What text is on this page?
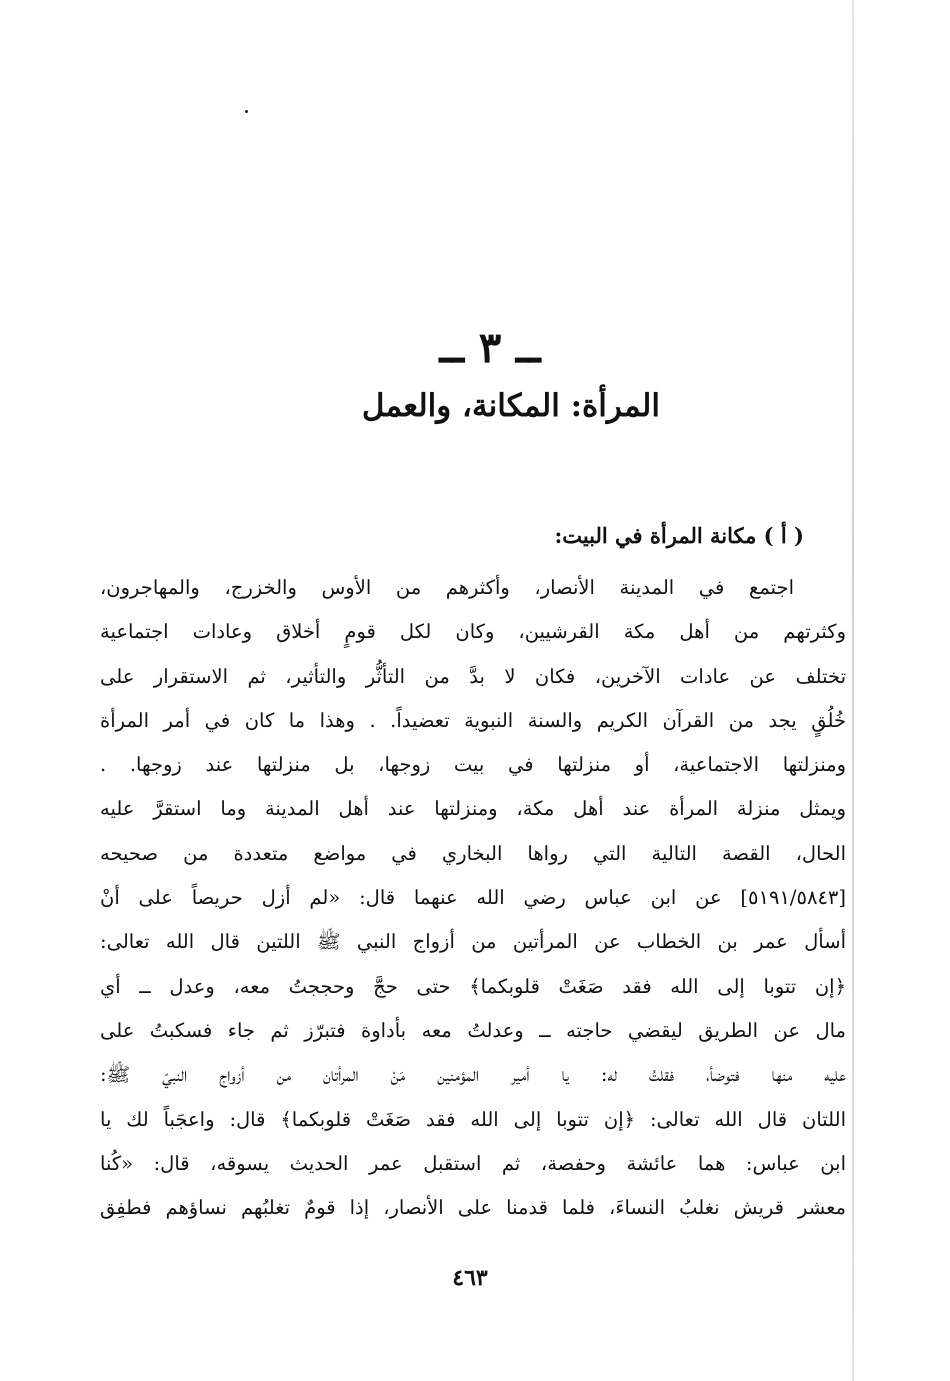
ــ ٣ ــ
المرأة: المكانة، والعمل
( أ ) مكانة المرأة في البيت:
اجتمع في المدينة الأنصار، وأكثرهم من الأوس والخزرج، والمهاجرون،
وكثرتهم من أهل مكة القرشيين، وكان لكل قومٍ أخلاق وعادات اجتماعية
تختلف عن عادات الآخرين، فكان لا بدَّ من التأثُّر والتأثير، ثم الاستقرار على
خُلُقٍ يجد من القرآن الكريم والسنة النبوية تعضيداً. . وهذا ما كان في أمر المرأة
ومنزلتها الاجتماعية، أو منزلتها في بيت زوجها، بل منزلتها عند زوجها. .
ويمثل منزلة المرأة عند أهل مكة، ومنزلتها عند أهل المدينة وما استقرَّ عليه
الحال، القصة التالية التي رواها البخاري في مواضع متعددة من صحيحه
[٥١٩١/٥٨٤٣] عن ابن عباس رضي الله عنهما قال: «لم أزل حريصاً على أنْ
أسأل عمر بن الخطاب عن المرأتين من أزواج النبي ﷺ اللتين قال الله تعالى:
﴿إن تتوبا إلى الله فقد صَغَتْ قلوبكما﴾ حتى حجَّ وحججتُ معه، وعدل ــ أي
مال عن الطريق ليقضي حاجته ــ وعدلتُ معه بأداوة فتبرّز ثم جاء فسكبتُ على
عليه منها فتوضأ، فقلتُ له: يا أمير المؤمنين مَنْ المرأتان من أزواج النبيّ ﷺ:
اللتان قال الله تعالى: ﴿إن تتوبا إلى الله فقد صَغَتْ قلوبكما﴾ قال: واعجَباً لك يا
ابن عباس: هما عائشة وحفصة، ثم استقبل عمر الحديث يسوقه، قال: «كُنا
معشر قريش نغلبُ النساءَ، فلما قدمنا على الأنصار، إذا قومٌ تغلبُهم نساؤهم فطفِق
٤٦٣
